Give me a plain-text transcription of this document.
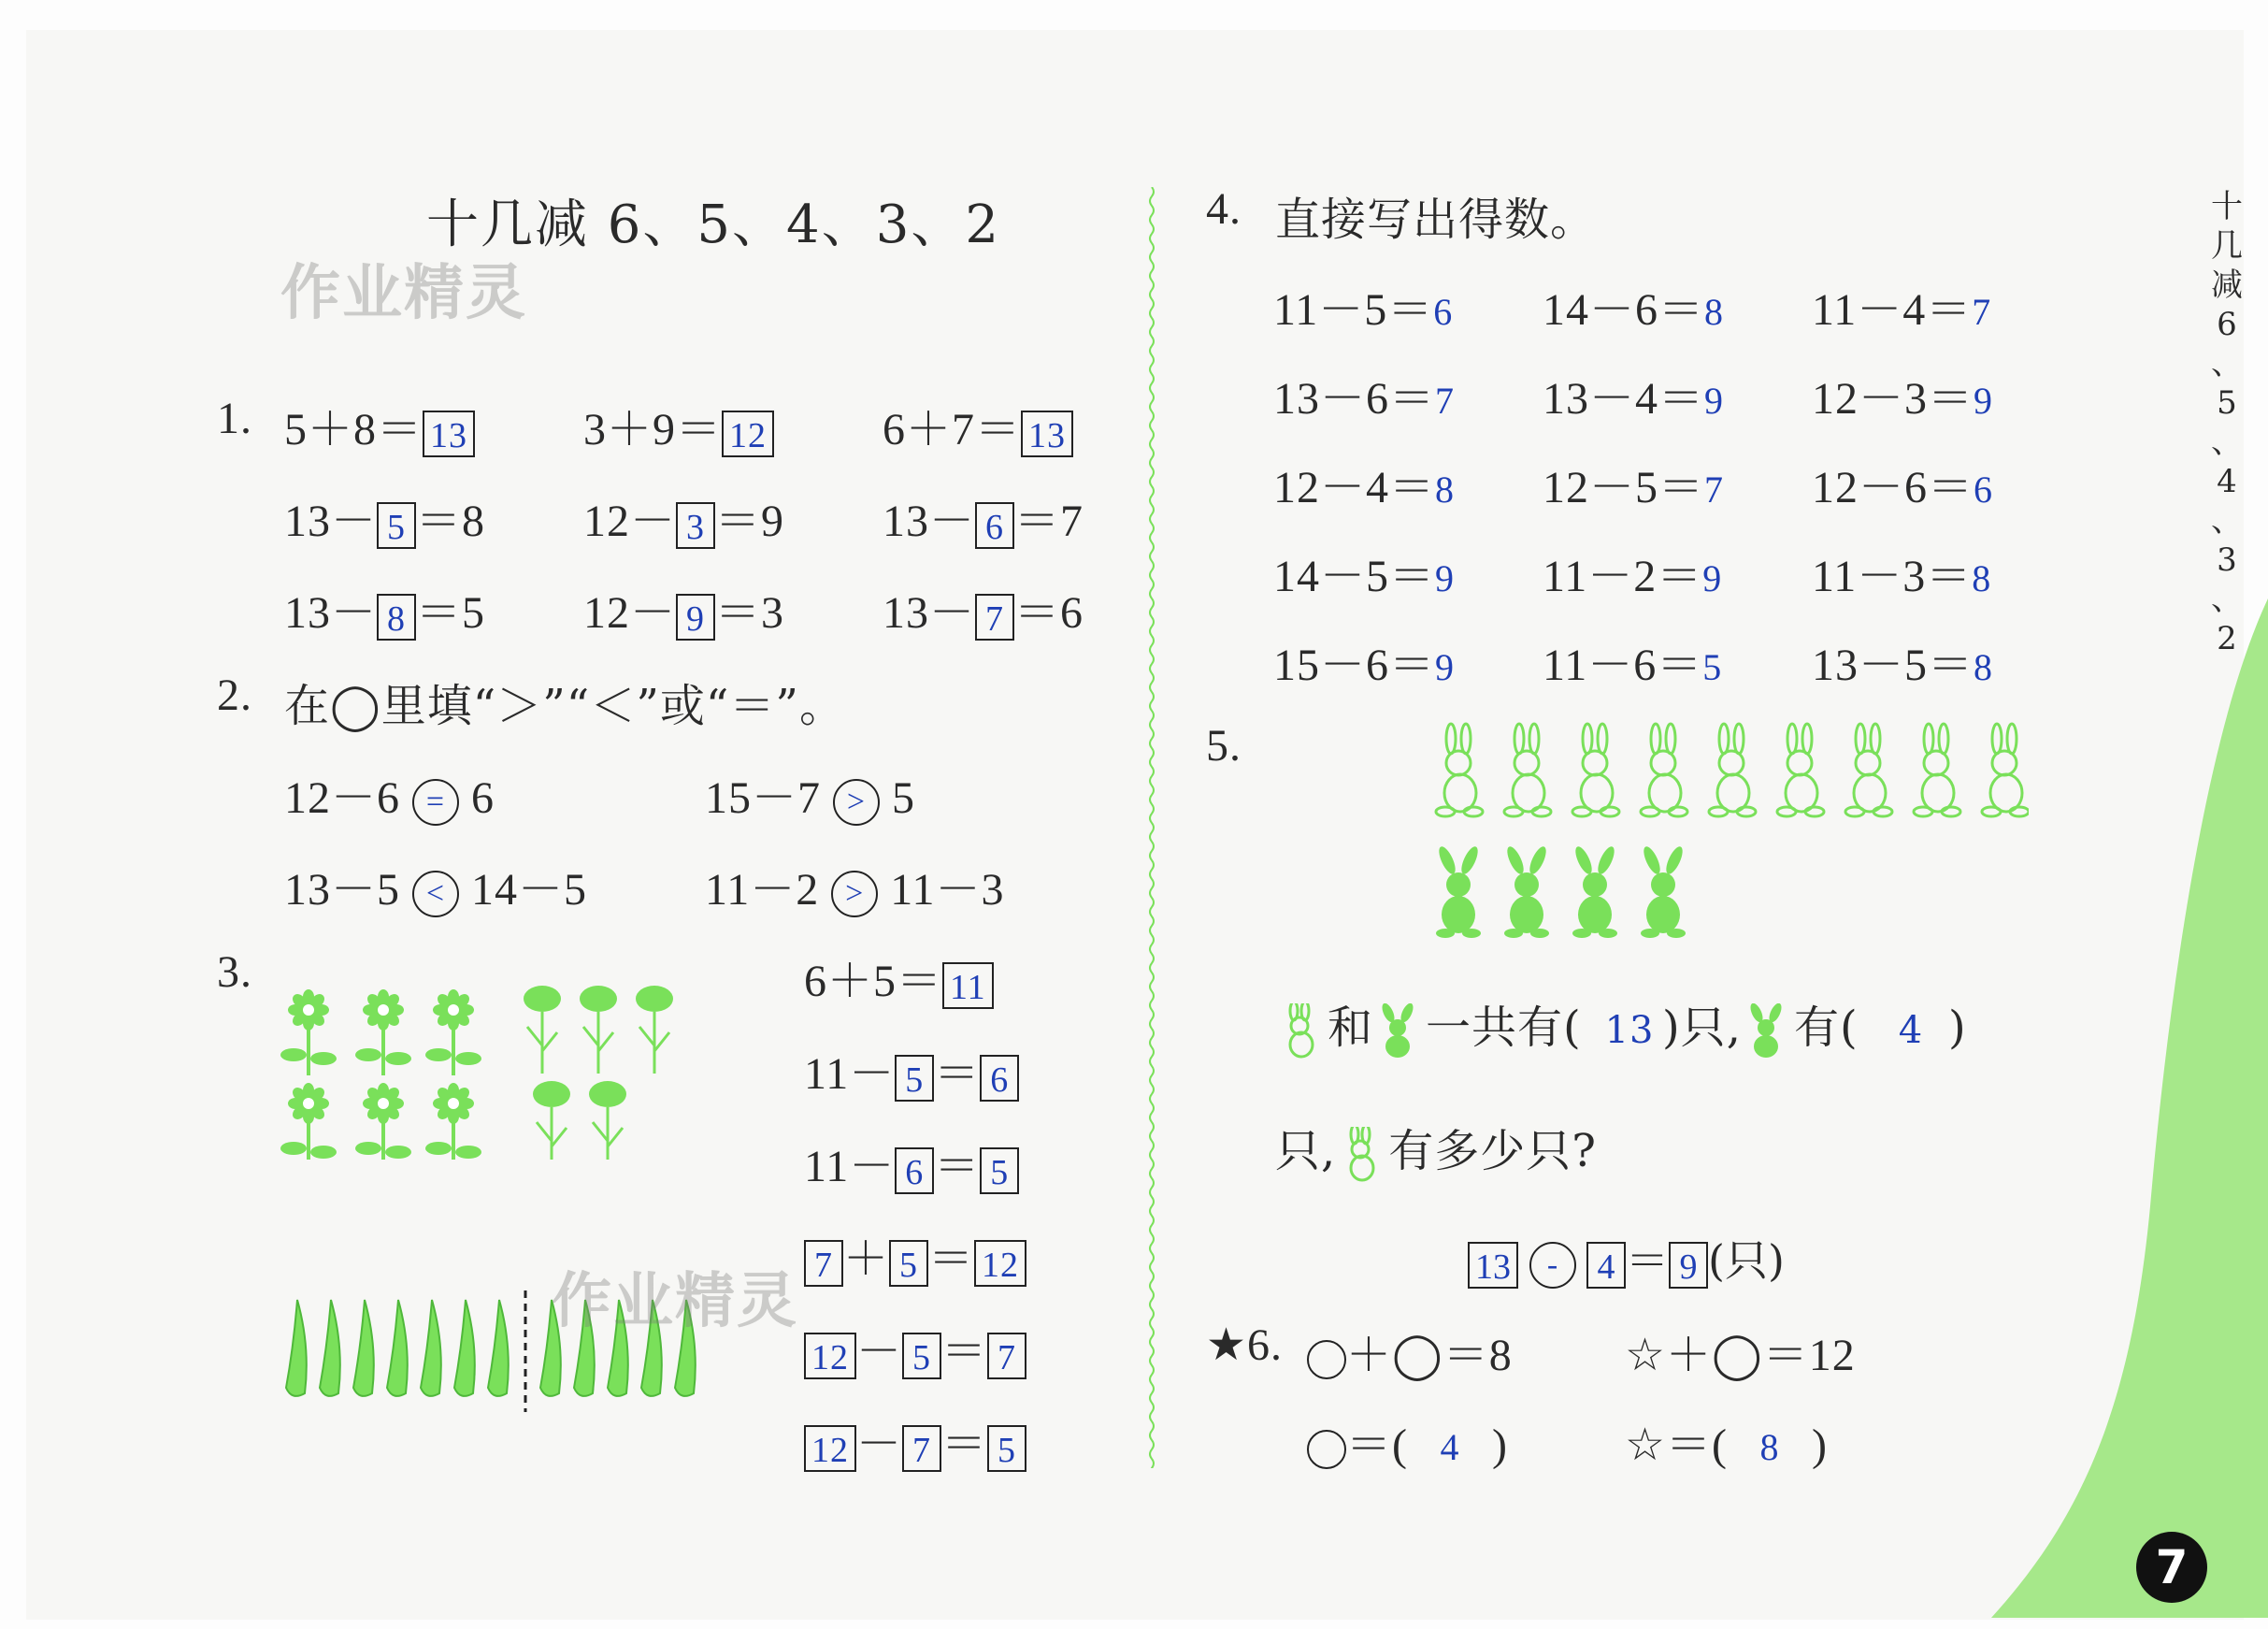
十几减 6、5、4、3、2
作业精灵
1. 5＋8＝ 13	3＋9＝ 12	6＋7＝ 13
13－ 5 ＝8 12－ 3 ＝9 13－ 6 ＝7
13－ 8 ＝5 12－ 9 ＝3 13－ 7 ＝6
2. 在◯里填“＞”“＜”或“＝”。
12－6 = 6	15－7 > 5
13－5 < 14－5	11－2 > 11－3
3.
作业精灵
6＋5＝ 11
11－ 5 ＝ 6
11－ 6 ＝ 5
7 ＋ 5 ＝ 12
12 － 5 ＝ 7
12 － 7 ＝ 5
4. 直接写出得数。
11－5＝6 14－6＝8 11－4＝7
13－6＝7 13－4＝9 12－3＝9
12－4＝8 12－5＝7 12－6＝6
14－5＝9 11－2＝9 11－3＝8
15－6＝9 11－6＝5 13－5＝8
5.
和 一共有( 13 )只, 有( 4 )
只, 有多少只?
13 - 4 ＝ 9 (只)
★6.	＋◯＝8	☆＋◯＝12
＝( 4 )	☆＝( 8 )
十
几
减
6
、
5
、
4
、
3
、
2
7
